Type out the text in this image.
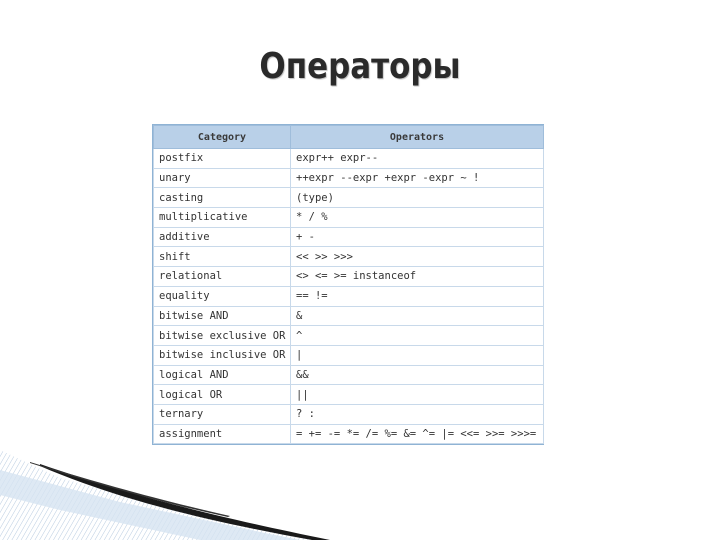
Операторы
Category	Operators
postfix	expr++ expr--
unary	++expr --expr +expr -expr ~ !
casting	(type)
multiplicative	* / %
additive	+ -
shift	<< >> >>>
relational	<> <= >= instanceof
equality	== !=
bitwise AND	&
bitwise exclusive OR	^
bitwise inclusive OR	|
logical AND	&&
logical OR	||
ternary	? :
assignment	= += -= *= /= %= &= ^= |= <<= >>= >>>=
